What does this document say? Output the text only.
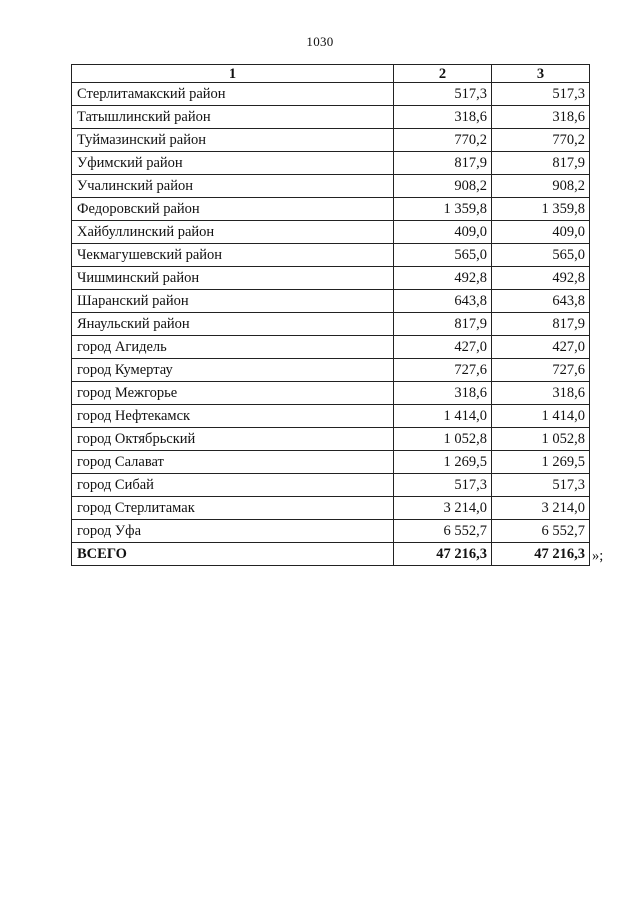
1030
1	2	3
Стерлитамакский район	517,3	517,3
Татышлинский район	318,6	318,6
Туймазинский район	770,2	770,2
Уфимский район	817,9	817,9
Учалинский район	908,2	908,2
Федоровский район	1 359,8	1 359,8
Хайбуллинский район	409,0	409,0
Чекмагушевский район	565,0	565,0
Чишминский район	492,8	492,8
Шаранский район	643,8	643,8
Янаульский район	817,9	817,9
город Агидель	427,0	427,0
город Кумертау	727,6	727,6
город Межгорье	318,6	318,6
город Нефтекамск	1 414,0	1 414,0
город Октябрьский	1 052,8	1 052,8
город Салават	1 269,5	1 269,5
город Сибай	517,3	517,3
город Стерлитамак	3 214,0	3 214,0
город Уфа	6 552,7	6 552,7
ВСЕГО	47 216,3	47 216,3 »;
